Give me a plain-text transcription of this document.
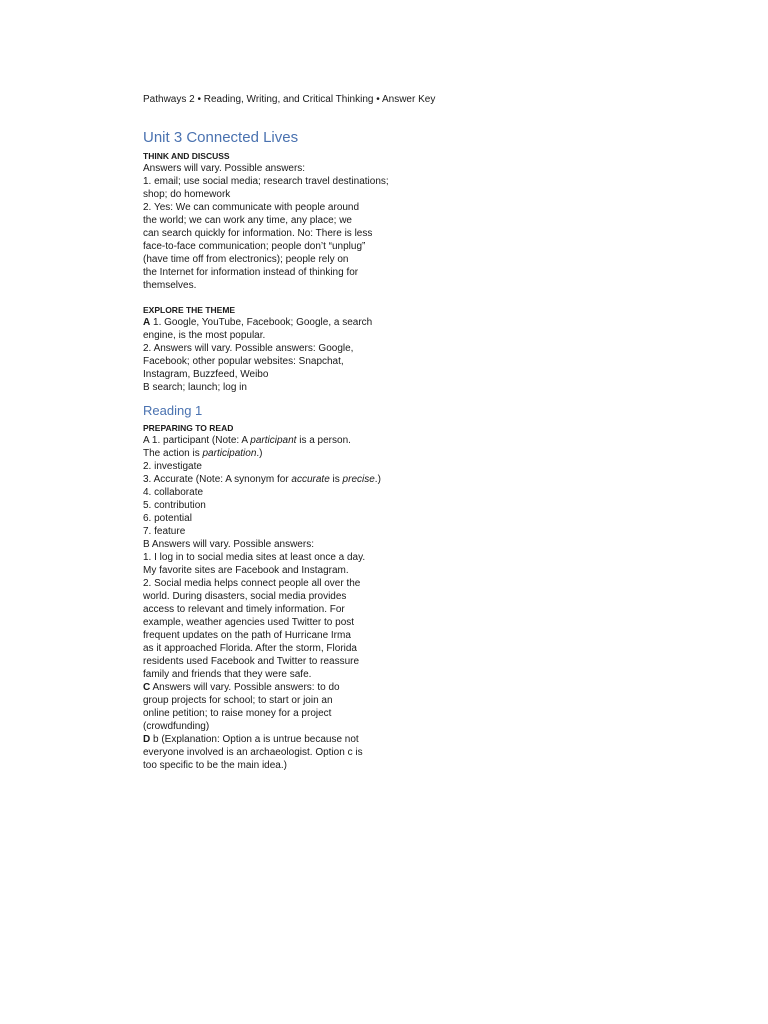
Pathways 2 • Reading, Writing, and Critical Thinking • Answer Key

Unit 3 Connected Lives

THINK AND DISCUSS

Answers will vary. Possible answers:

1. email; use social media; research travel destinations;

shop; do homework

2. Yes: We can communicate with people around

the world; we can work any time, any place; we

can search quickly for information. No: There is less

face-to-face communication; people don’t “unplug”

(have time off from electronics); people rely on

the Internet for information instead of thinking for

themselves.

EXPLORE THE THEME

A 1. Google, YouTube, Facebook; Google, a search

engine, is the most popular.

2. Answers will vary. Possible answers: Google,

Facebook; other popular websites: Snapchat,

Instagram, Buzzfeed, Weibo

B search; launch; log in

Reading 1

PREPARING TO READ

A 1. participant (Note: A participant is a person.

The action is participation.)

2. investigate

3. Accurate (Note: A synonym for accurate is precise.)

4. collaborate

5. contribution

6. potential

7. feature

B Answers will vary. Possible answers:

1. I log in to social media sites at least once a day.

My favorite sites are Facebook and Instagram.

2. Social media helps connect people all over the

world. During disasters, social media provides

access to relevant and timely information. For

example, weather agencies used Twitter to post

frequent updates on the path of Hurricane Irma

as it approached Florida. After the storm, Florida

residents used Facebook and Twitter to reassure

family and friends that they were safe.

C Answers will vary. Possible answers: to do

group projects for school; to start or join an

online petition; to raise money for a project

(crowdfunding)

D b (Explanation: Option a is untrue because not

everyone involved is an archaeologist. Option c is

too specific to be the main idea.)
